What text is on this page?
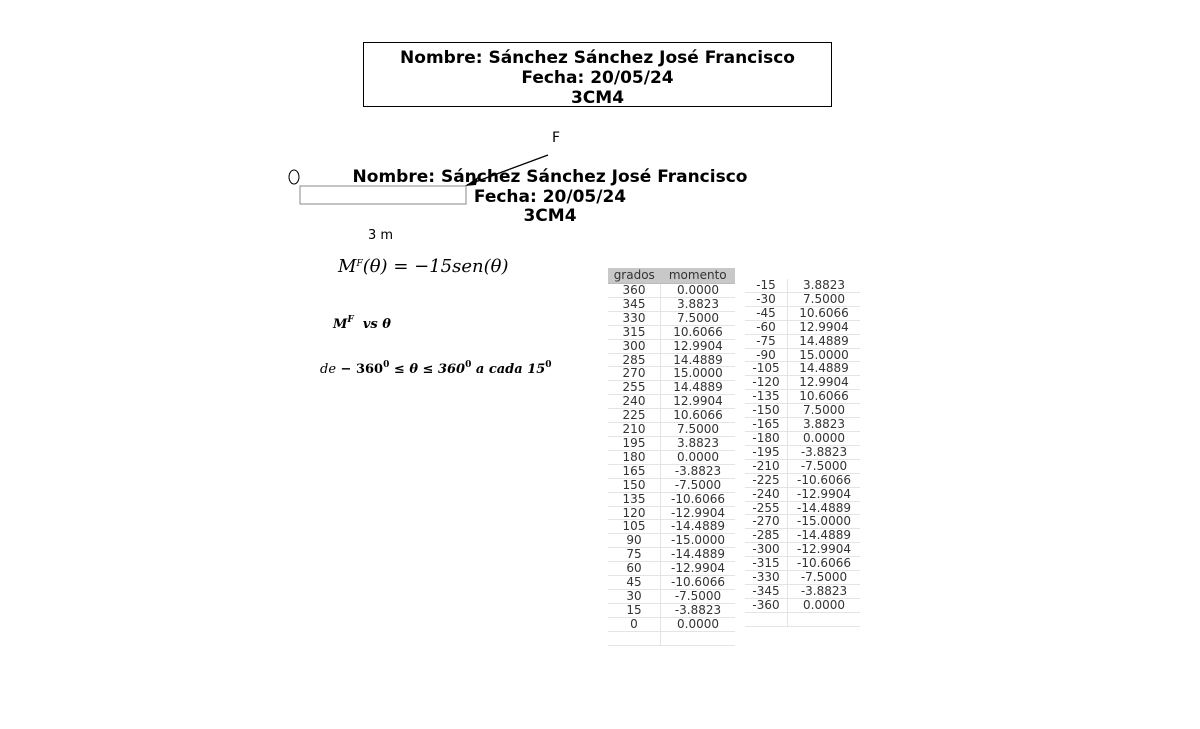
Nombre: Sánchez Sánchez José Francisco
Fecha: 20/05/24
3CM4
Nombre: Sánchez Sánchez José Francisco
Fecha: 20/05/24
3CM4
F
3 m
$M^F(\theta) = -15sen(\theta)$
$M^F$ vs θ
de − $360^0 \le \theta \le 360^0$ a cada $15^0$
grados	momento
360	0.0000
345	3.8823
330	7.5000
315	10.6066
300	12.9904
285	14.4889
270	15.0000
255	14.4889
240	12.9904
225	10.6066
210	7.5000
195	3.8823
180	0.0000
165	-3.8823
150	-7.5000
135	-10.6066
120	-12.9904
105	-14.4889
90	-15.0000
75	-14.4889
60	-12.9904
45	-10.6066
30	-7.5000
15	-3.8823
0	0.0000

-15	3.8823
-30	7.5000
-45	10.6066
-60	12.9904
-75	14.4889
-90	15.0000
-105	14.4889
-120	12.9904
-135	10.6066
-150	7.5000
-165	3.8823
-180	0.0000
-195	-3.8823
-210	-7.5000
-225	-10.6066
-240	-12.9904
-255	-14.4889
-270	-15.0000
-285	-14.4889
-300	-12.9904
-315	-10.6066
-330	-7.5000
-345	-3.8823
-360	0.0000
